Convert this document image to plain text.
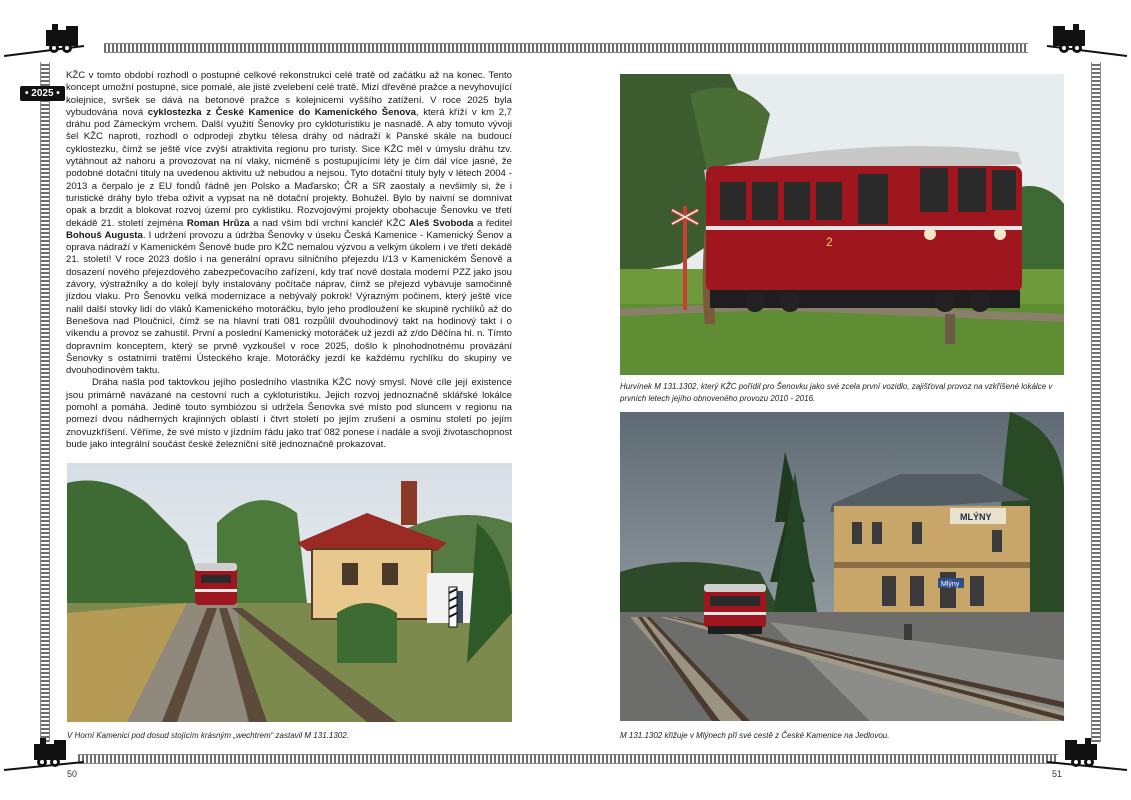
• 2025 •

KŽC v tomto období rozhodl o postupné celkové rekonstrukci celé tratě od začátku až na konec. Tento koncept umožní postupné, sice pomalé, ale jisté zvelebení celé tratě. Mizí dřevěné pražce a nevyhovující kolejnice, svršek se dává na betonové pražce s kolejnicemi vyššího zatížení. V roce 2025 byla vybudována nová cyklostezka z České Kamenice do Kamenického Šenova, která kříží v km 2,7 dráhu pod Zámeckým vrchem. Další využití Šenovky pro cykloturistiku je nasnadě. A aby tomuto vývoji šel KŽC naproti, rozhodl o odprodeji zbytku tělesa dráhy od nádraží k Panské skále na budoucí cyklostezku, čímž se ještě více zvýší atraktivita regionu pro turisty. Sice KŽC měl v úmyslu dráhu tzv. vytáhnout až nahoru a provozovat na ní vlaky, nicméně s postupujícími léty je čím dál více jasné, že podobné dotační tituly na uvedenou aktivitu už nebudou a nejsou. Tyto dotační tituly byly v létech 2004 - 2013 a čerpalo je z EU fondů řádně jen Polsko a Maďarsko; ČR a SR zaostaly a nevšimly si, že i turistické dráhy bylo třeba oživit a vypsat na ně dotační projekty. Bohužel. Bylo by naivní se domnívat opak a brzdit a blokovat rozvoj území pro cyklistiku. Rozvojovými projekty obohacuje Šenovku ve třetí dekádě 21. století zejména Roman Hrůza a nad vším bdí vrchní kancléř KŽC Aleš Svoboda a ředitel Bohouš Augusta. I udržení provozu a údržba Šenovky v úseku Česká Kamenice - Kamenický Šenov a oprava nádraží v Kamenickém Šenově bude pro KŽC nemalou výzvou a velkým úkolem i ve třetí dekádě 21. století! V roce 2023 došlo i na generální opravu silničního přejezdu I/13 v Kamenickém Šenově a dosazení nového přejezdového zabezpečovacího zařízení, kdy trať nově dostala moderní PZZ jako jsou závory, výstražníky a do kolejí byly instalovány počítače náprav, čímž se přejezd vybavuje samočinně jízdou vlaku. Pro Šenovku velká modernizace a nebývalý pokrok! Výrazným počinem, který ještě více nalil další stovky lidí do vláků Kamenického motoráčku, bylo jeho prodloužení ke skupině rychlíků až do Benešova nad Ploučnicí, čímž se na hlavní trati 081 rozpůlil dvouhodinový takt na hodinový takt i o víkendu a provoz se zahustil. První a poslední Kamenický motoráček už jezdí až z/do Děčína hl. n. Tímto dopravním konceptem, který se prvně vyzkoušel v roce 2025, došlo k plnohodnotnému provázání Šenovky s ostatními tratěmi Ústeckého kraje. Motoráčky jezdí ke každému rychlíku do skupiny ve dvouhodinovém taktu.

Dráha našla pod taktovkou jejího posledního vlastníka KŽC nový smysl. Nové cíle její existence jsou primárně navázané na cestovní ruch a cykloturistiku. Jejich rozvoj jednoznačně sklářské lokálce pomohl a pomáhá. Jedině touto symbiózou si udržela Šenovka své místo pod sluncem v regionu na pomezí dvou nádherných krajinných oblastí i čtvrt století po jejím zrušení a osminu století po jejím znovuzkříšení. Věříme, že své místo v jízdním řádu jako trať 082 ponese i nadále a svoji životaschopnost bude jako integrální součást české železniční sítě jednoznačně prokazovat.

V Horní Kamenici pod dosud stojícím krásným „wechtrem“ zastavil M 131.1302.
2
Hurvínek M 131.1302, který KŽC pořídil pro Šenovku jako své zcela první vozidlo, zajišťoval provoz na vzkříšené lokálce v prvních letech jejího obnoveného provozu 2010 - 2016.
MLÝNY
Mlýny
M 131.1302 křižuje v Mlýnech při své cestě z České Kamenice na Jedlovou.
50	51
